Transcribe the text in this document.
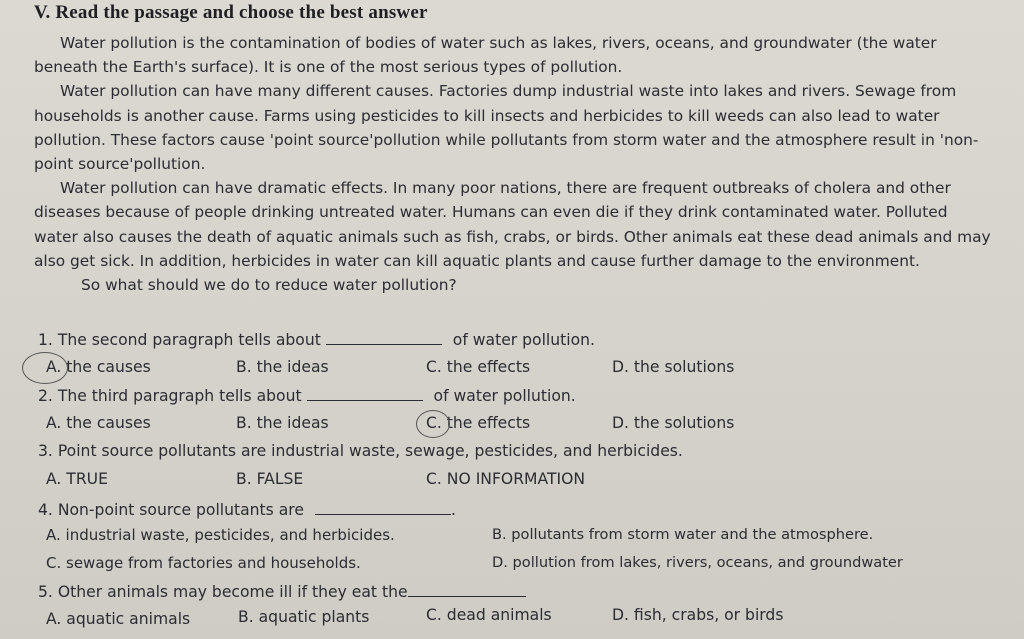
V. Read the passage and choose the best answer

Water pollution is the contamination of bodies of water such as lakes, rivers, oceans, and groundwater (the water beneath the Earth's surface). It is one of the most serious types of pollution.

Water pollution can have many different causes. Factories dump industrial waste into lakes and rivers. Sewage from households is another cause. Farms using pesticides to kill insects and herbicides to kill weeds can also lead to water pollution. These factors cause 'point source'pollution while pollutants from storm water and the atmosphere result in 'non-point source'pollution.

Water pollution can have dramatic effects. In many poor nations, there are frequent outbreaks of cholera and other diseases because of people drinking untreated water. Humans can even die if they drink contaminated water. Polluted water also causes the death of aquatic animals such as fish, crabs, or birds. Other animals eat these dead animals and may also get sick. In addition, herbicides in water can kill aquatic plants and cause further damage to the environment.

So what should we do to reduce water pollution?

1. The second paragraph tells about	of water pollution.
A. the causes	B. the ideas	C. the effects	D. the solutions
2. The third paragraph tells about	of water pollution.
A. the causes	B. the ideas	C. the effects	D. the solutions
3. Point source pollutants are industrial waste, sewage, pesticides, and herbicides.
A. TRUE	B. FALSE	C. NO INFORMATION
4. Non-point source pollutants are	.
A. industrial waste, pesticides, and herbicides.	B. pollutants from storm water and the atmosphere.
C. sewage from factories and households.	D. pollution from lakes, rivers, oceans, and groundwater
5. Other animals may become ill if they eat the
A. aquatic animals	B. aquatic plants	C. dead animals	D. fish, crabs, or birds
